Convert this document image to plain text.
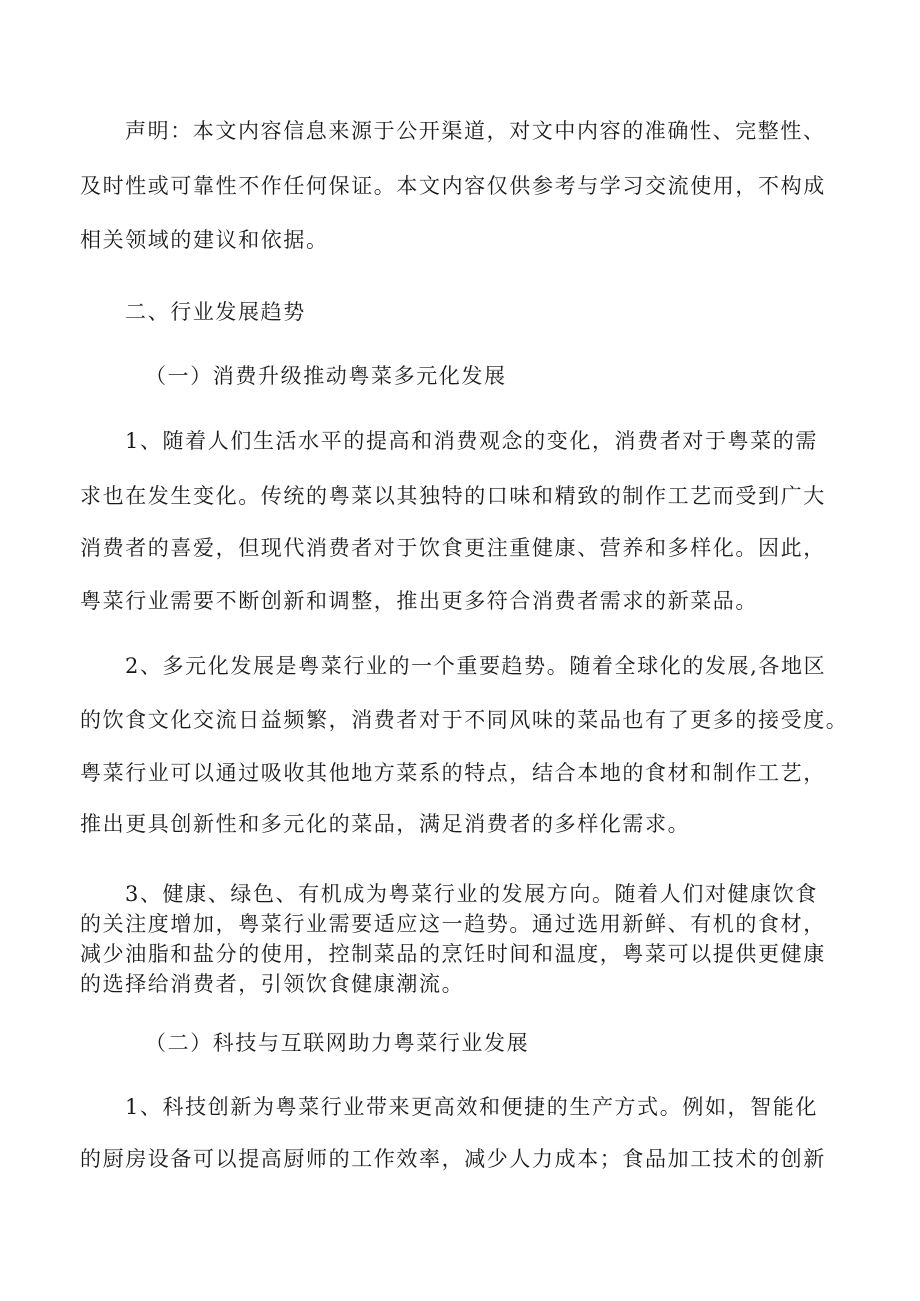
声明：本文内容信息来源于公开渠道，对文中内容的准确性、完整性、
及时性或可靠性不作任何保证。本文内容仅供参考与学习交流使用，不构成
相关领域的建议和依据。
二、行业发展趋势
（一）消费升级推动粤菜多元化发展
1、随着人们生活水平的提高和消费观念的变化，消费者对于粤菜的需
求也在发生变化。传统的粤菜以其独特的口味和精致的制作工艺而受到广大
消费者的喜爱，但现代消费者对于饮食更注重健康、营养和多样化。因此，
粤菜行业需要不断创新和调整，推出更多符合消费者需求的新菜品。
2、多元化发展是粤菜行业的一个重要趋势。随着全球化的发展,各地区
的饮食文化交流日益频繁，消费者对于不同风味的菜品也有了更多的接受度。
粤菜行业可以通过吸收其他地方菜系的特点，结合本地的食材和制作工艺，
推出更具创新性和多元化的菜品，满足消费者的多样化需求。
3、健康、绿色、有机成为粤菜行业的发展方向。随着人们对健康饮食
的关注度增加，粤菜行业需要适应这一趋势。通过选用新鲜、有机的食材，
减少油脂和盐分的使用，控制菜品的烹饪时间和温度，粤菜可以提供更健康
的选择给消费者，引领饮食健康潮流。
（二）科技与互联网助力粤菜行业发展
1、科技创新为粤菜行业带来更高效和便捷的生产方式。例如，智能化
的厨房设备可以提高厨师的工作效率，减少人力成本；食品加工技术的创新
